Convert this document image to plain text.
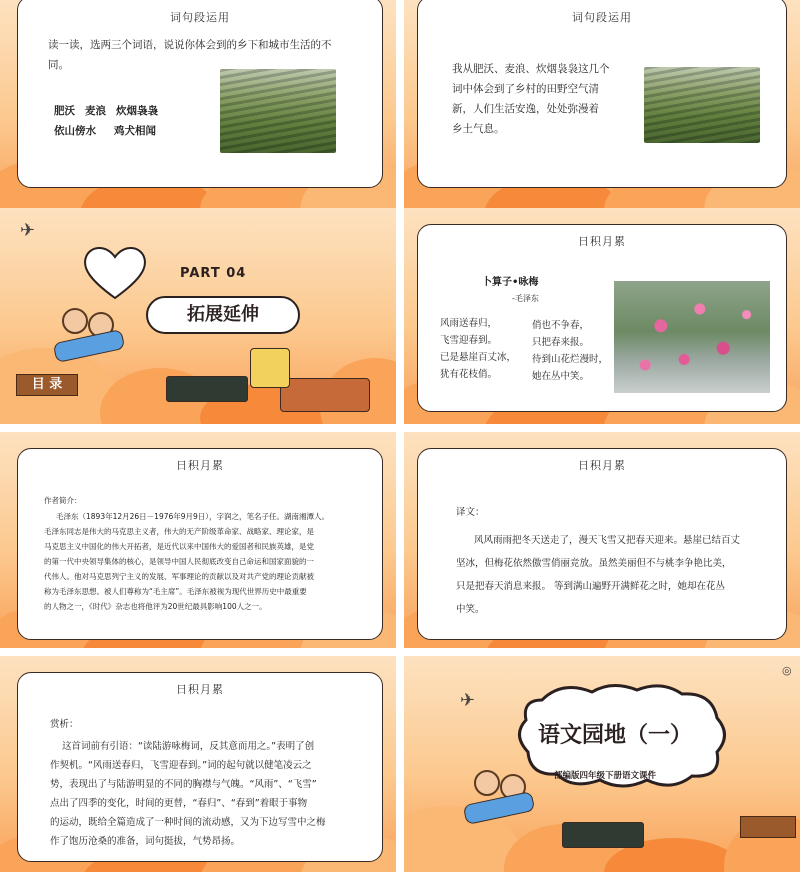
词句段运用
读一读，选两三个词语，说说你体会到的乡下和城市生活的不同。
肥沃 麦浪 炊烟袅袅
依山傍水 鸡犬相闻
词句段运用
我从肥沃、麦浪、炊烟袅袅这几个
词中体会到了乡村的田野空气清
新，人们生活安逸，处处弥漫着
乡土气息。
✈
PART 04
拓展延伸
目 录
日积月累
卜算子•咏梅
-毛泽东
风雨送春归，
飞雪迎春到。
已是悬崖百丈冰，
犹有花枝俏。
俏也不争春，
只把春来报。
待到山花烂漫时，
她在丛中笑。
日积月累
作者简介：
毛泽东（1893年12月26日－1976年9月9日），字润之，笔名子任。湖南湘潭人。
毛泽东同志是伟大的马克思主义者，伟大的无产阶级革命家、战略家、理论家，是
马克思主义中国化的伟大开拓者，是近代以来中国伟大的爱国者和民族英雄，是党
的第一代中央领导集体的核心，是领导中国人民彻底改变自己命运和国家面貌的一
代伟人。他对马克思列宁主义的发展、军事理论的贡献以及对共产党的理论贡献被
称为毛泽东思想。被人们尊称为“毛主席”。毛泽东被视为现代世界历史中最重要
的人物之一，《时代》杂志也将他评为20世纪最具影响100人之一。
日积月累
译文：
风风雨雨把冬天送走了，漫天飞雪又把春天迎来。悬崖已结百丈
坚冰，但梅花依然傲雪俏丽竞放。虽然美丽但不与桃李争艳比美，
只是把春天消息来报。 等到满山遍野开满鲜花之时，她却在花丛
中笑。
日积月累
赏析：
这首词前有引语：“读陆游咏梅词，反其意而用之。”表明了创
作契机。“风雨送春归，飞雪迎春到。”词的起句就以健笔凌云之
势，表现出了与陆游明显的不同的胸襟与气魄。“风雨”、“飞雪”
点出了四季的变化，时间的更替，“春归”、“春到”着眼于事物
的运动，既给全篇造成了一种时间的流动感，又为下边写雪中之梅
作了饱历沧桑的准备，词句挺拔，气势昂扬。
✈
◎
语文园地（一）
部编版四年级下册语文课件
